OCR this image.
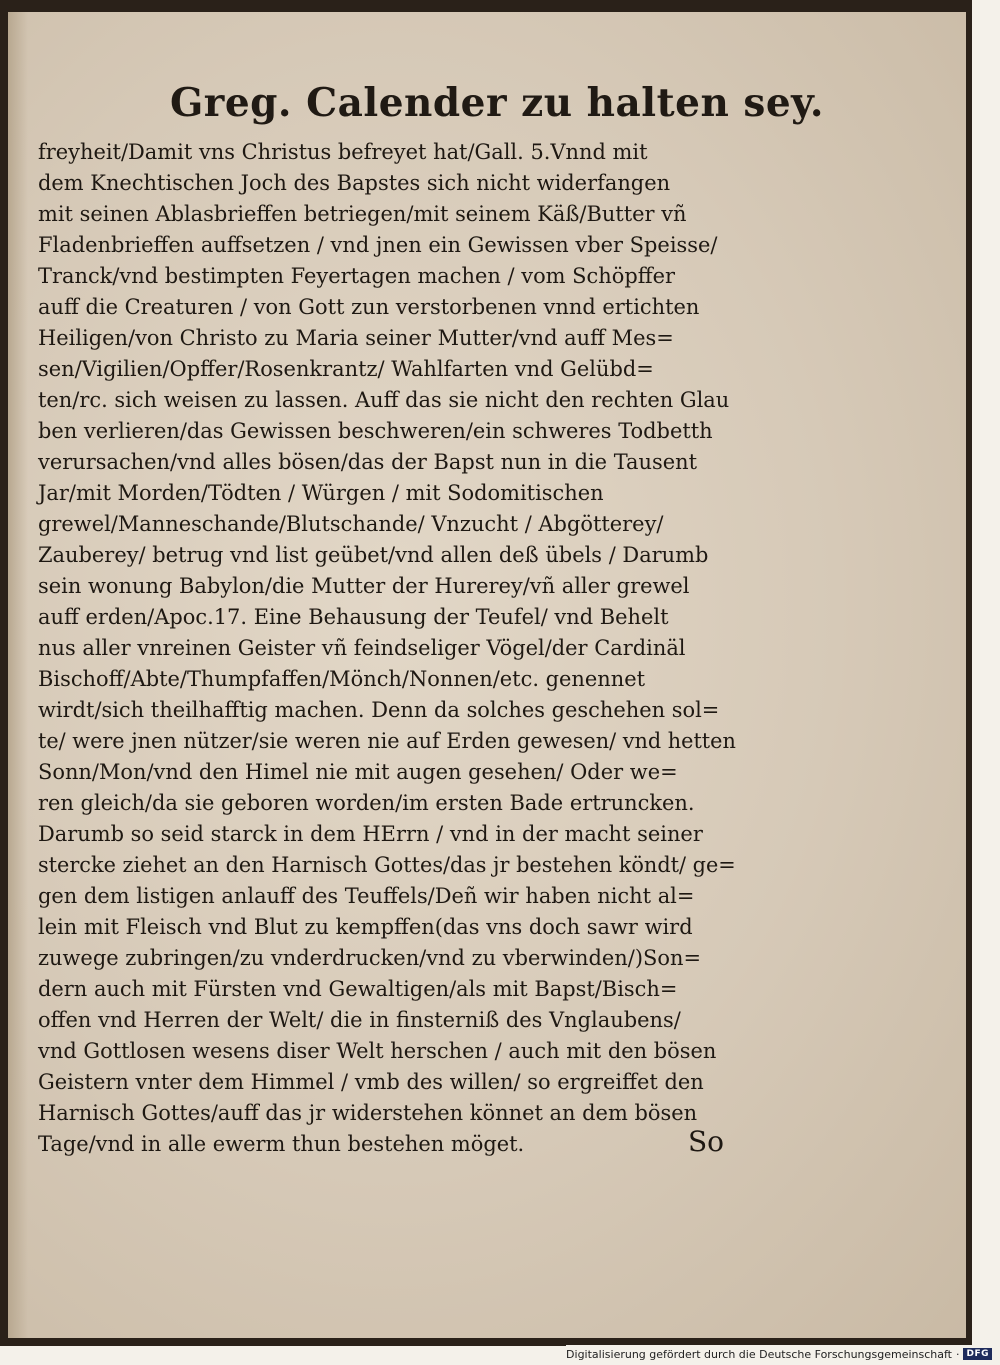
Greg. Calender zu halten sey.
freyheit/Damit vns Christus befreyet hat/Gall. 5.Vnnd mit
dem Knechtischen Joch des Bapstes sich nicht widerfangen
mit seinen Ablasbrieffen betriegen/mit seinem Käß/Butter vñ
Fladenbrieffen auffsetzen / vnd jnen ein Gewissen vber Speisse/
Tranck/vnd bestimpten Feyertagen machen / vom Schöpffer
auff die Creaturen / von Gott zun verstorbenen vnnd ertichten
Heiligen/von Christo zu Maria seiner Mutter/vnd auff Mes=
sen/Vigilien/Opffer/Rosenkrantz/ Wahlfarten vnd Gelübd=
ten/rc. sich weisen zu lassen. Auff das sie nicht den rechten Glau
ben verlieren/das Gewissen beschweren/ein schweres Todbetth
verursachen/vnd alles bösen/das der Bapst nun in die Tausent
Jar/mit Morden/Tödten / Würgen / mit Sodomitischen
grewel/Manneschande/Blutschande/ Vnzucht / Abgötterey/
Zauberey/ betrug vnd list geübet/vnd allen deß übels / Darumb
sein wonung Babylon/die Mutter der Hurerey/vñ aller grewel
auff erden/Apoc.17. Eine Behausung der Teufel/ vnd Behelt
nus aller vnreinen Geister vñ feindseliger Vögel/der Cardinäl
Bischoff/Abte/Thumpfaffen/Mönch/Nonnen/etc. genennet
wirdt/sich theilhafftig machen. Denn da solches geschehen sol=
te/ were jnen nützer/sie weren nie auf Erden gewesen/ vnd hetten
Sonn/Mon/vnd den Himel nie mit augen gesehen/ Oder we=
ren gleich/da sie geboren worden/im ersten Bade ertruncken.
Darumb so seid starck in dem HErrn / vnd in der macht seiner
stercke ziehet an den Harnisch Gottes/das jr bestehen köndt/ ge=
gen dem listigen anlauff des Teuffels/Deñ wir haben nicht al=
lein mit Fleisch vnd Blut zu kempffen(das vns doch sawr wird
zuwege zubringen/zu vnderdrucken/vnd zu vberwinden/)Son=
dern auch mit Fürsten vnd Gewaltigen/als mit Bapst/Bisch=
offen vnd Herren der Welt/ die in finsterniß des Vnglaubens/
vnd Gottlosen wesens diser Welt herschen / auch mit den bösen
Geistern vnter dem Himmel / vmb des willen/ so ergreiffet den
Harnisch Gottes/auff das jr widerstehen könnet an dem bösen
Tage/vnd in alle ewerm thun bestehen möget.	So
Digitalisierung gefördert durch die Deutsche Forschungsgemeinschaft · DFG
